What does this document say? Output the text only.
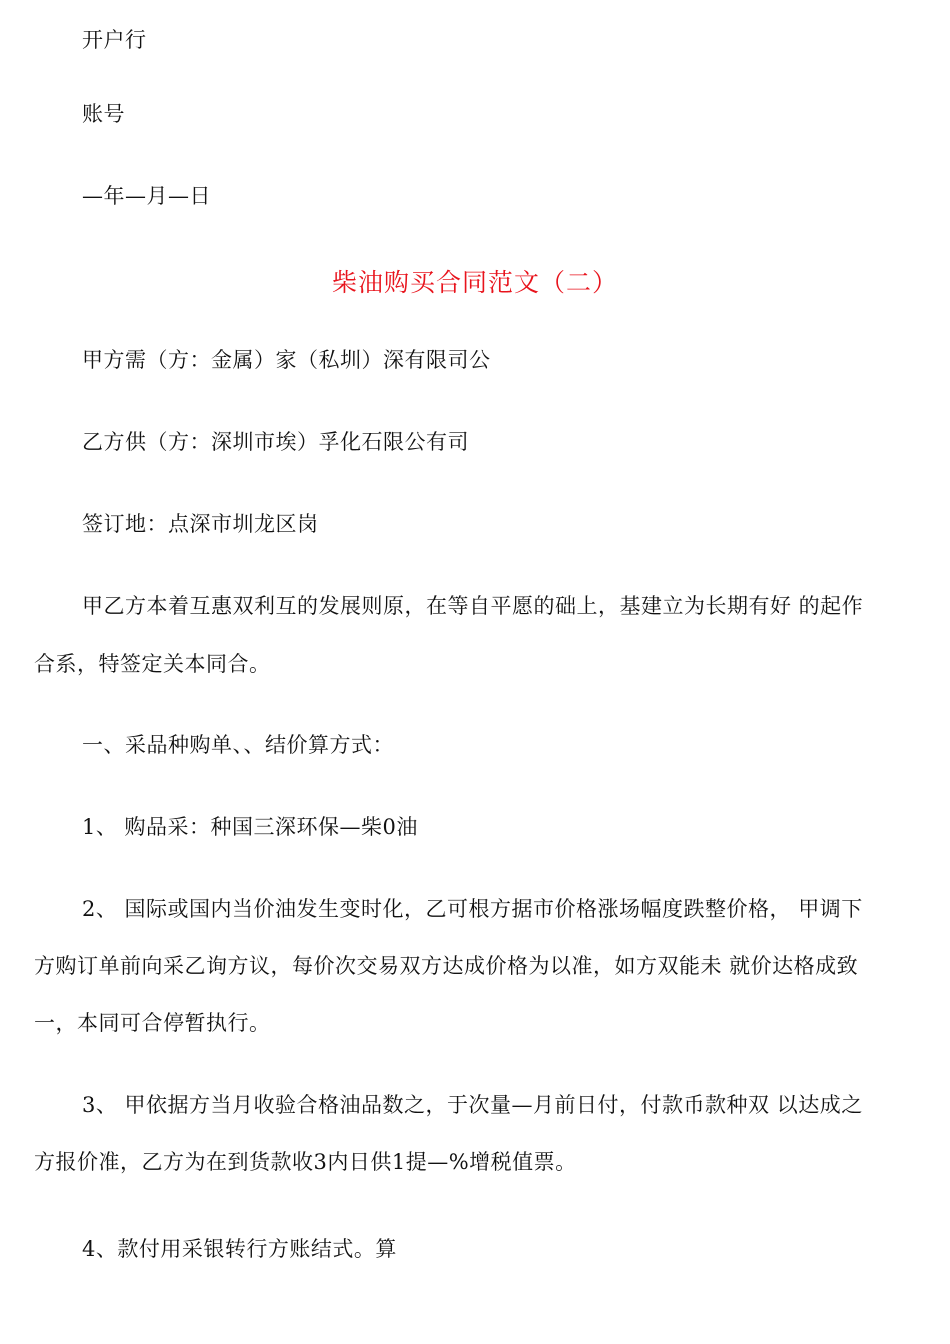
开户行
账号
—年—月—日
柴油购买合同范文（二）
甲方需（方：金属）家（私圳）深有限司公
乙方供（方：深圳市埃）孚化石限公有司
签订地：点深市圳龙区岗
甲乙方本着互惠双利互的发展则原，在等自平愿的础上，基建立为长期有好 的起作
合系，特签定关本同合。
一、采品种购单、、结价算方式：
1、 购品采：种国三深环保—柴0油
2、 国际或国内当价油发生变时化，乙可根方据市价格涨场幅度跌整价格， 甲调下
方购订单前向采乙询方议，每价次交易双方达成价格为以准，如方双能未 就价达格成致
一，本同可合停暂执行。
3、 甲依据方当月收验合格油品数之，于次量—月前日付，付款币款种双 以达成之
方报价准，乙方为在到货款收3内日供1提—%增税值票。
4、款付用采银转行方账结式。算
